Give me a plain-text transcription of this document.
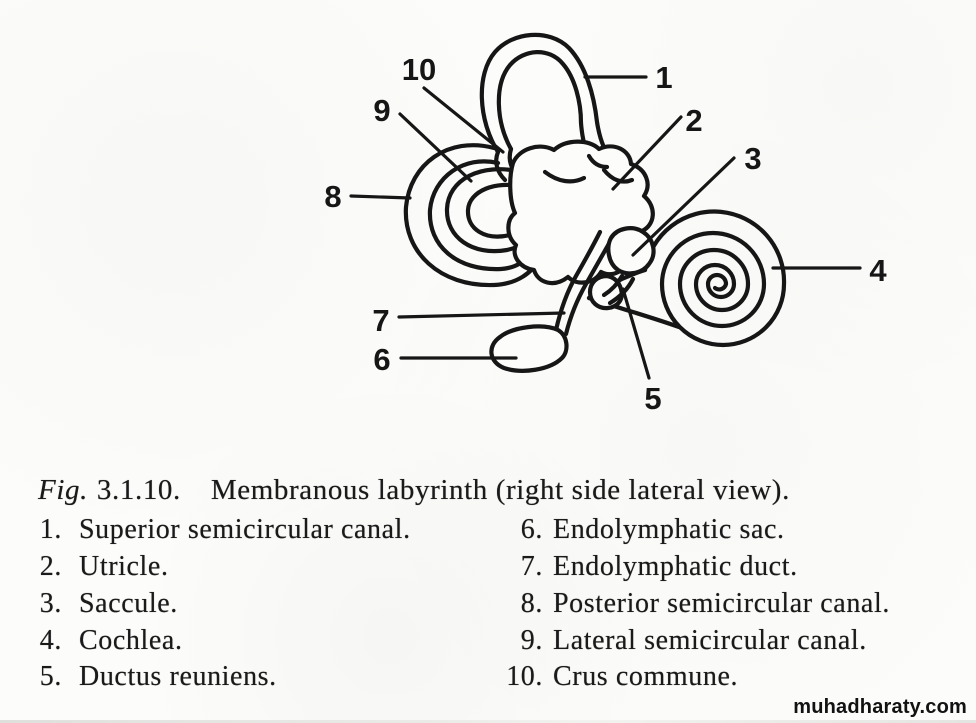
1
2
3
4
5
6
7
8
9
10
Fig. 3.1.10. Membranous labyrinth (right side lateral view).
1. Superior semicircular canal.
2. Utricle.
3. Saccule.
4. Cochlea.
5. Ductus reuniens.
6. Endolymphatic sac.
7. Endolymphatic duct.
8. Posterior semicircular canal.
9. Lateral semicircular canal.
10. Crus commune.
muhadharaty.com
